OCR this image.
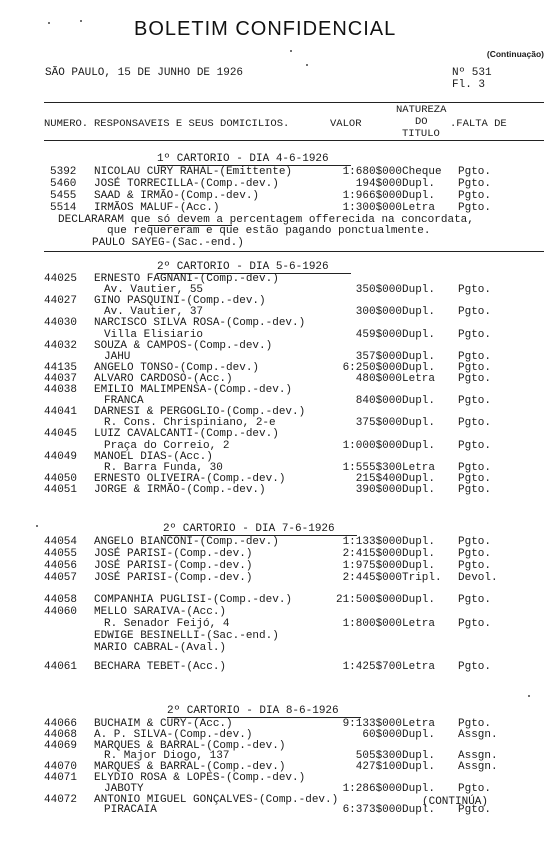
BOLETIM CONFIDENCIAL
(Continuação)
SÃO PAULO, 15 DE JUNHO DE 1926	Nº 531
Fl. 3
NUMERO. RESPONSAVEIS E SEUS DOMICILIOS.	VALOR
NATUREZA
DO
TITULO
.FALTA DE
1º CARTORIO - DIA 4-6-1926
5392 NICOLAU CURY RAHAL-(Emittente)	1:680$000 Cheque Pgto.
5460 JOSÉ TORRECILLA-(Comp.-dev.)	194$000 Dupl. Pgto.
5455 SAAD & IRMÃO-(Comp.-dev.)	1:966$000 Dupl. Pgto.
5514 IRMÃOS MALUF-(Acc.)	1:300$000 Letra Pgto.
DECLARARAM que só devem a percentagem offerecida na concordata,
que requereram e que estão pagando ponctualmente.
PAULO SAYEG-(Sac.-end.)
2º CARTORIO - DIA 5-6-1926
44025 ERNESTO FAGNANI-(Comp.-dev.)
Av. Vautier, 55	350$000 Dupl. Pgto.
44027 GINO PASQUINI-(Comp.-dev.)
Av. Vautier, 37	300$000 Dupl. Pgto.
44030 NARCISCO SILVA ROSA-(Comp.-dev.)
Villa Elisiario	459$000 Dupl. Pgto.
44032 SOUZA & CAMPOS-(Comp.-dev.)
JAHU	357$000 Dupl. Pgto.
44135 ANGELO TONSO-(Comp.-dev.)	6:250$000 Dupl. Pgto.
44037 ALVARO CARDOSO-(Acc.)	480$000 Letra Pgto.
44038 EMILIO MALIMPENSA-(Comp.-dev.)
FRANCA	840$000 Dupl. Pgto.
44041 DARNESI & PERGOGLIO-(Comp.-dev.)
R. Cons. Chrispiniano, 2-e	375$000 Dupl. Pgto.
44045 LUIZ CAVALCANTI-(Comp.-dev.)
Praça do Correio, 2	1:000$000 Dupl. Pgto.
44049 MANOEL DIAS-(Acc.)
R. Barra Funda, 30	1:555$300 Letra Pgto.
44050 ERNESTO OLIVEIRA-(Comp.-dev.)	215$400 Dupl. Pgto.
44051 JORGE & IRMÃO-(Comp.-dev.)	390$000 Dupl. Pgto.
2º CARTORIO - DIA 7-6-1926
44054 ANGELO BIANCONI-(Comp.-dev.)	1:133$000 Dupl. Pgto.
44055 JOSÉ PARISI-(Comp.-dev.)	2:415$000 Dupl. Pgto.
44056 JOSÉ PARISI-(Comp.-dev.)	1:975$000 Dupl. Pgto.
44057 JOSÉ PARISI-(Comp.-dev.)	2:445$000 Tripl. Devol.
44058 COMPANHIA PUGLISI-(Comp.-dev.)	21:500$000 Dupl. Pgto.
44060 MELLO SARAIVA-(Acc.)
R. Senador Feijó, 4	1:800$000 Letra Pgto.
EDWIGE BESINELLI-(Sac.-end.)
MARIO CABRAL-(Aval.)
44061 BECHARA TEBET-(Acc.)	1:425$700 Letra Pgto.
2º CARTORIO - DIA 8-6-1926
44066 BUCHAIM & CURY-(Acc.)	9:133$000 Letra Pgto.
44068 A. P. SILVA-(Comp.-dev.)	60$000 Dupl. Assgn.
44069 MARQUES & BARRAL-(Comp.-dev.)
R. Major Diogo, 137	505$300 Dupl. Assgn.
44070 MARQUES & BARRAL-(Comp.-dev.)	427$100 Dupl. Assgn.
44071 ELYDIO ROSA & LOPES-(Comp.-dev.)
JABOTY	1:286$000 Dupl. Pgto.
44072 ANTONIO MIGUEL GONÇALVES-(Comp.-dev.)
PIRACAIA	6:373$000 Dupl. Pgto.
(CONTINÚA)
